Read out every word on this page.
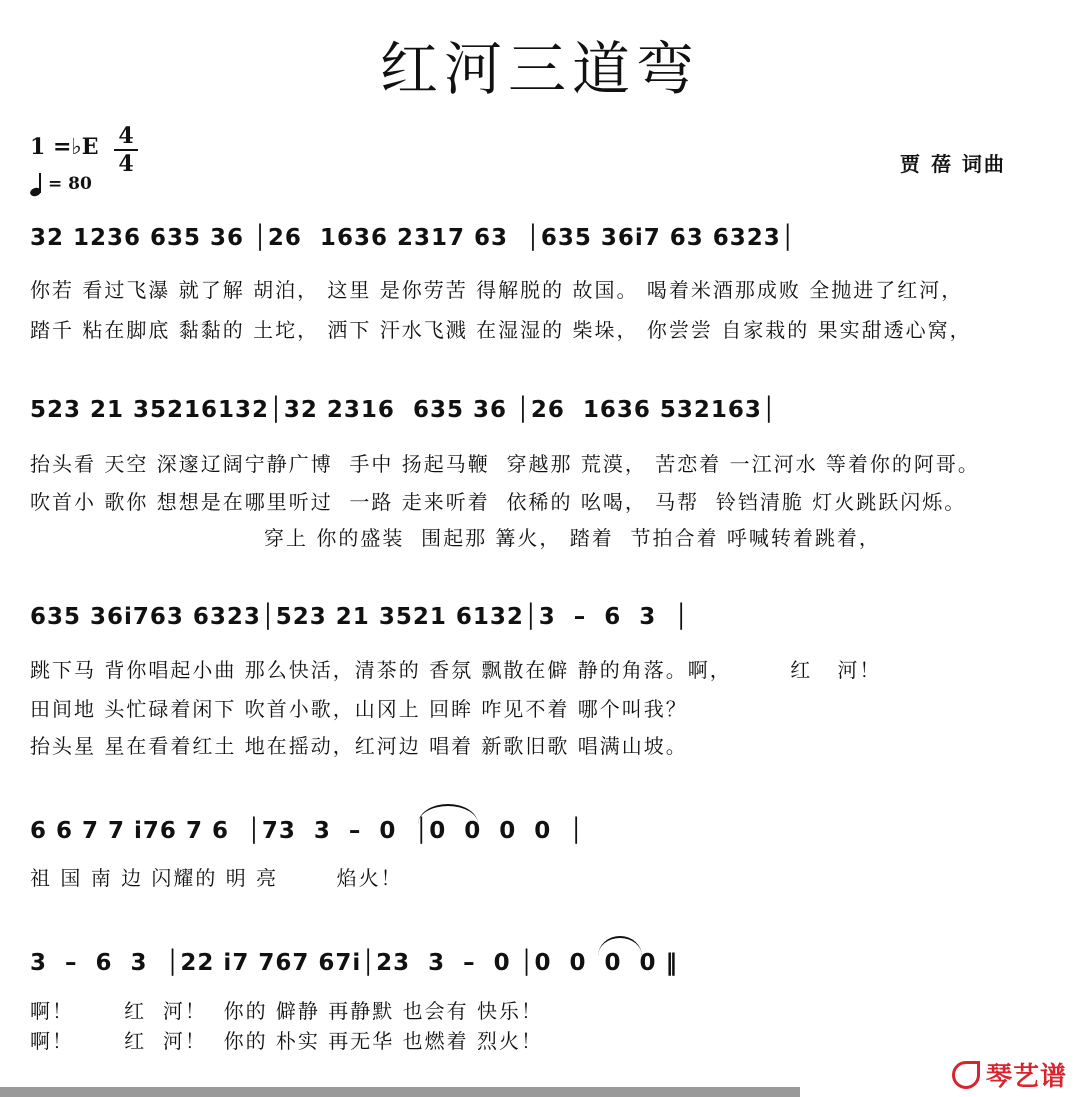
红河三道弯
1 =♭E 4
4
= 80
贾 蓓 词曲
32 1236 635 36 │26  1636 2317 63  │635 36i7 63 6323│
你若 看过飞瀑 就了解 胡泊， 这里 是你劳苦 得解脱的 故国。 喝着米酒那成败 全抛进了红河，
踏千 粘在脚底 黏黏的 土坨， 洒下 汗水飞溅 在湿湿的 柴垛， 你尝尝 自家栽的 果实甜透心窝，
523 21 35216132│32 2316  635 36 │26  1636 532163│
抬头看 天空 深邃辽阔宁静广博  手中 扬起马鞭  穿越那 荒漠， 苦恋着 一江河水 等着你的阿哥。
吹首小 歌你 想想是在哪里听过  一路 走来听着  依稀的 吆喝， 马帮  铃铛清脆 灯火跳跃闪烁。
穿上 你的盛装  围起那 篝火， 踏着  节拍合着 呼喊转着跳着，
635 36i763 6323│523 21 3521 6132│3  –  6  3  │
跳下马 背你唱起小曲 那么快活，清茶的 香氛 飘散在僻 静的角落。啊，       红   河！
田间地 头忙碌着闲下 吹首小歌，山冈上 回眸 咋见不着 哪个叫我？
抬头星 星在看着红土 地在摇动，红河边 唱着 新歌旧歌 唱满山坡。
6 6 7 7 i76 7 6  │73  3  –  0  │0  0  0  0  │
祖 国 南 边 闪耀的 明 亮       焰火！
3  –  6  3  │22 i7 767 67i│23  3  –  0 │0  0  0  0 ‖
啊！      红  河！  你的 僻静 再静默 也会有 快乐！
啊！      红  河！  你的 朴实 再无华 也燃着 烈火！
琴艺谱
